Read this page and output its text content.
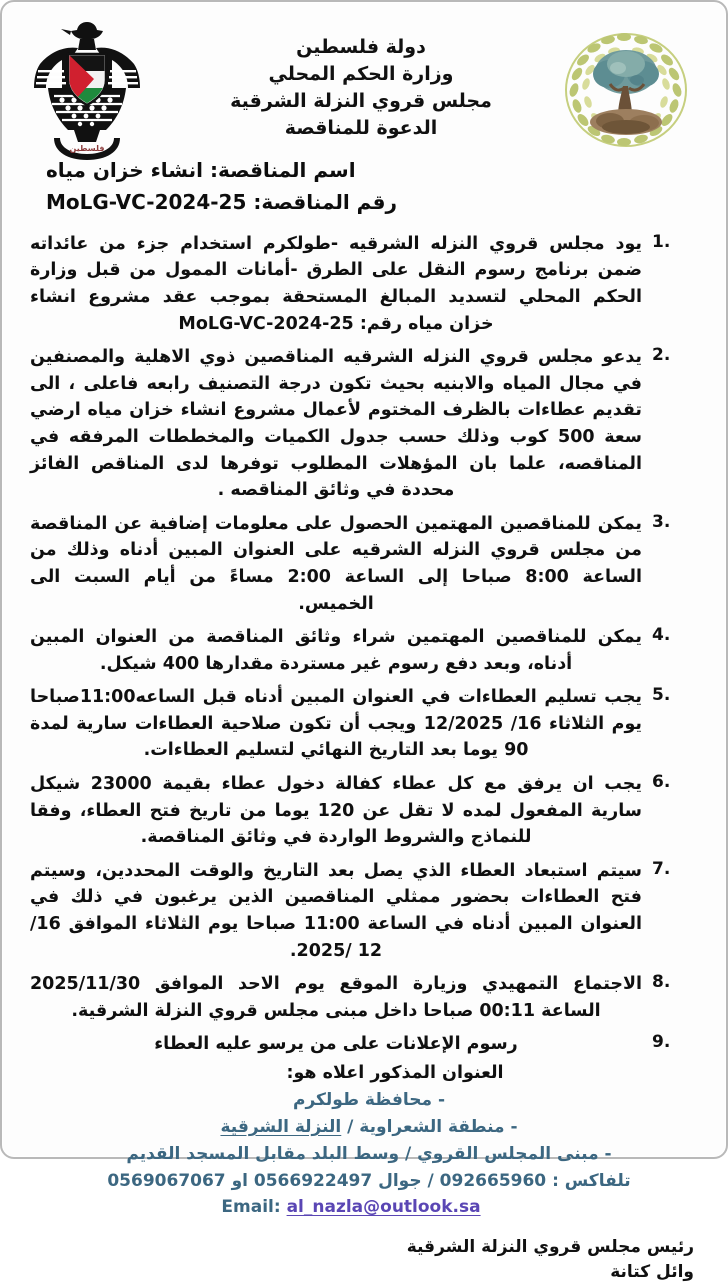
دولة فلسطين
وزارة الحكم المحلي
مجلس قروي النزلة الشرقية
الدعوة للمناقصة
فلسطين
اسم المناقصة: انشاء خزان مياه
رقم المناقصة: MoLG-VC-2024-25
1.
يود مجلس قروي النزله الشرقيه -طولكرم استخدام جزء من عائداته ضمن برنامج رسوم النقل على الطرق -أمانات الممول من قبل وزارة الحكم المحلي لتسديد المبالغ المستحقة بموجب عقد مشروع انشاء خزان مياه رقم: MoLG-VC-2024-25
2.
يدعو مجلس قروي النزله الشرقيه المناقصين ذوي الاهلية والمصنفين في مجال المياه والابنيه بحيث تكون درجة التصنيف رابعه فاعلى ، الى تقديم عطاءات بالظرف المختوم لأعمال مشروع انشاء خزان مياه ارضي سعة 500 كوب وذلك حسب جدول الكميات والمخططات المرفقه في المناقصه، علما بان المؤهلات المطلوب توفرها لدى المناقص الفائز محددة في وثائق المناقصه .
3.
يمكن للمناقصين المهتمين الحصول على معلومات إضافية عن المناقصة من مجلس قروي النزله الشرقيه على العنوان المبين أدناه وذلك من الساعة 8:00 صباحا إلى الساعة 2:00 مساءً من أيام السبت الى الخميس.
4.
يمكن للمناقصين المهتمين شراء وثائق المناقصة من العنوان المبين أدناه، وبعد دفع رسوم غير مستردة مقدارها 400 شيكل.
5.
يجب تسليم العطاءات في العنوان المبين أدناه قبل الساعه11:00صباحا يوم الثلاثاء 16/ 12/2025 ويجب أن تكون صلاحية العطاءات سارية لمدة 90 يوما بعد التاريخ النهائي لتسليم العطاءات.
6.
يجب ان يرفق مع كل عطاء كفالة دخول عطاء بقيمة 23000 شيكل سارية المفعول لمده لا تقل عن 120 يوما من تاريخ فتح العطاء، وفقا للنماذج والشروط الواردة في وثائق المناقصة.
7.
سيتم استبعاد العطاء الذي يصل بعد التاريخ والوقت المحددين، وسيتم فتح العطاءات بحضور ممثلي المناقصين الذين يرغبون في ذلك في العنوان المبين أدناه في الساعة 11:00 صباحا يوم الثلاثاء الموافق 16/ 12 /2025.
8.
الاجتماع التمهيدي وزيارة الموقع يوم الاحد الموافق 2025/11/30 الساعة 00:11 صباحا داخل مبنى مجلس قروي النزلة الشرقية.
9.
رسوم الإعلانات على من يرسو عليه العطاء
العنوان المذكور اعلاه هو:
- محافظة طولكرم
- منطقة الشعراوية / النزلة الشرقية
- مبنى المجلس القروي / وسط البلد مقابل المسجد القديم
تلفاكس : 092665960 / جوال 0566922497 او 0569067067
Email: al_nazla@outlook.sa
رئيس مجلس قروي النزلة الشرقية
وائل كتانة
